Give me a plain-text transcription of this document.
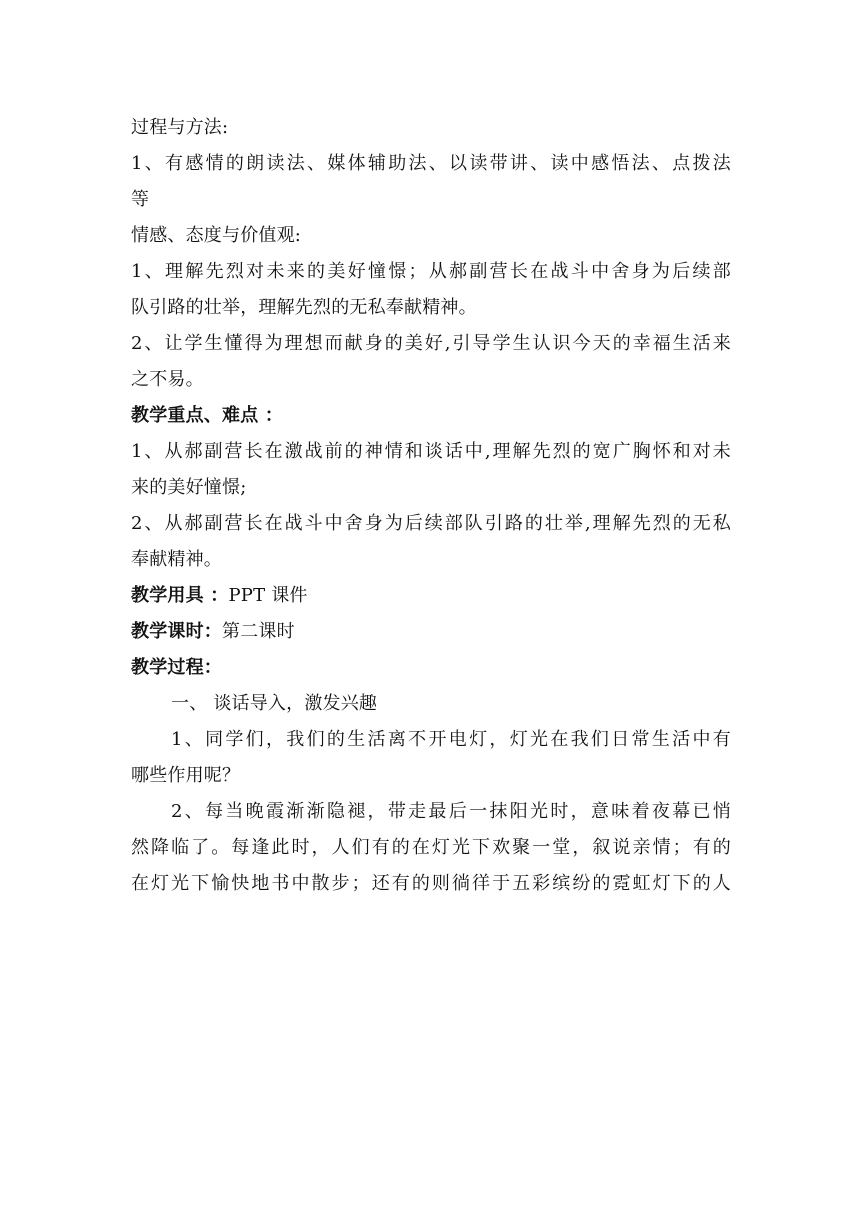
过程与方法:
1、有感情的朗读法、媒体辅助法、以读带讲、读中感悟法、点拨法
等
情感、态度与价值观:
1、理解先烈对未来的美好憧憬；从郝副营长在战斗中舍身为后续部
队引路的壮举，理解先烈的无私奉献精神。
2、让学生懂得为理想而献身的美好,引导学生认识今天的幸福生活来
之不易。
教学重点、难点 ：
1、从郝副营长在激战前的神情和谈话中,理解先烈的宽广胸怀和对未
来的美好憧憬;
2、从郝副营长在战斗中舍身为后续部队引路的壮举,理解先烈的无私
奉献精神。
教学用具 ：PPT 课件
教学课时：第二课时
教学过程：
一、 谈话导入，激发兴趣
1、同学们，我们的生活离不开电灯，灯光在我们日常生活中有
哪些作用呢？
2、每当晚霞渐渐隐褪，带走最后一抹阳光时，意味着夜幕已悄
然降临了。每逢此时，人们有的在灯光下欢聚一堂，叙说亲情；有的
在灯光下愉快地书中散步；还有的则徜徉于五彩缤纷的霓虹灯下的人
